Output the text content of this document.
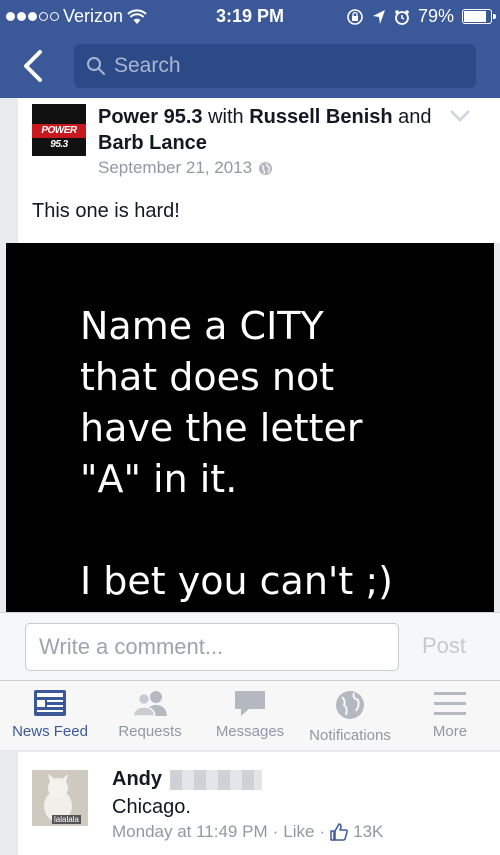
Verizon	3:19 PM	79%
Search
POWER 95.3
Power 95.3 with Russell Benish and Barb Lance
September 21, 2013
This one is hard!
Name a CITY
that does not
have the letter
"A" in it.
I bet you can't ;)
Write a comment...	Post
News Feed	Requests	Messages	Notifications	More
lalalala
Andy
Chicago.
Monday at 11:49 PM · Like · 13K
